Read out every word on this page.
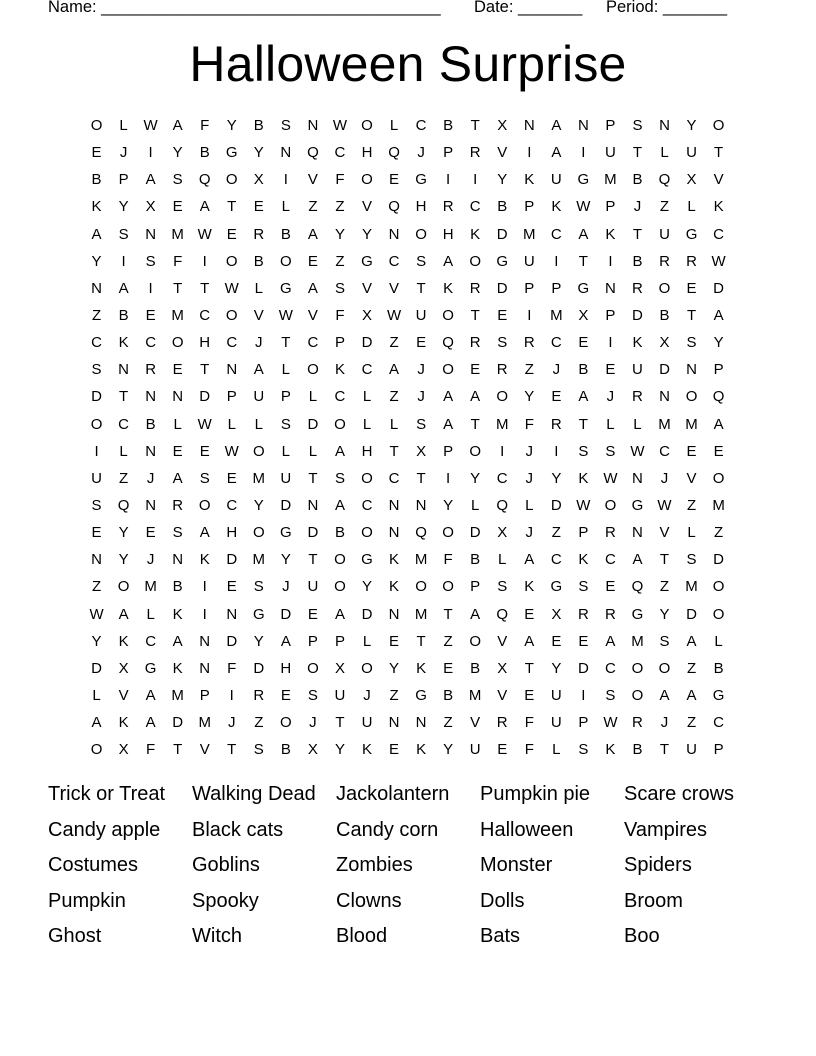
Name: _____________________________________ Date: _______ Period: _______
Halloween Surprise
O	L	W A	F	Y	B	S	N W O	L	C	B	T	X	N	A	N	P	S	N	Y	O
E	J	I	Y	B	G	Y	N	Q	C	H	Q	J	P	R	V	I	A	I	U	T	L	U	T
B	P	A	S	Q	O	X	I	V	F	O	E	G	I	I	Y	K	U	G M	B	Q	X	V
K	Y	X	E	A	T	E	L	Z	Z	V	Q	H	R	C	B	P	K W P	J	Z	L	K
A	S	N	M W E	R	B	A	Y	Y	N	O	H	K	D	M	C	A	K	T	U	G	C
Y	I	S	F	I	O	B	O	E	Z	G	C	S	A	O	G	U	I	T	I	B	R	R W
N	A	I	T	T	W	L	G	A	S	V	V	T	K	R	D	P	P	G	N	R	O	E	D
Z	B	E	M	C	O	V W V	F	X W U	O	T	E	I	M	X	P	D	B	T	A
C	K	C	O	H	C	J	T	C	P	D	Z	E	Q	R	S	R	C	E	I	K	X	S	Y
S	N	R	E	T	N	A	L	O	K	C	A	J	O	E	R	Z	J	B	E	U	D	N	P
D	T	N	N	D	P	U	P	L	C	L	Z	J	A	A	O	Y	E	A	J	R	N	O	Q
O	C	B	L	W	L	L	S	D	O	L	L	S	A	T	M	F	R	T	L	L	M M	A
I	L	N	E	E W O	L	L	A	H	T	X	P	O	I	J	I	S	S W C	E	E
U	Z	J	A	S	E	M	U	T	S	O	C	T	I	Y	C	J	Y	K W N	J	V	O
S	Q	N	R	O	C	Y	D	N	A	C	N	N	Y	L	Q	L	D W O	G W	Z	M
E	Y	E	S	A	H	O	G	D	B	O	N	Q	O	D	X	J	Z	P	R	N	V	L	Z
N	Y	J	N	K	D	M	Y	T	O	G	K	M	F	B	L	A	C	K	C	A	T	S	D
Z	O M	B	I	E	S	J	U	O	Y	K	O	O	P	S	K	G	S	E	Q	Z	M O
W A	L	K	I	N	G	D	E	A	D	N	M	T	A	Q	E	X	R	R	G	Y	D	O
Y	K	C	A	N	D	Y	A	P	P	L	E	T	Z	O	V	A	E	E	A	M	S	A	L
D	X	G	K	N	F	D	H	O	X	O	Y	K	E	B	X	T	Y	D	C	O	O	Z	B
L	V	A	M	P	I	R	E	S	U	J	Z	G	B	M	V	E	U	I	S	O	A	A	G
A	K	A	D	M	J	Z	O	J	T	U	N	N	Z	V	R	F	U	P W R	J	Z	C
O	X	F	T	V	T	S	B	X	Y	K	E	K	Y	U	E	F	L	S	K	B	T	U	P
Trick or Treat	Walking Dead	Jackolantern	Pumpkin pie	Scare crows
Candy apple	Black cats	Candy corn	Halloween	Vampires
Costumes	Goblins	Zombies	Monster	Spiders
Pumpkin	Spooky	Clowns	Dolls	Broom
Ghost	Witch	Blood	Bats	Boo
